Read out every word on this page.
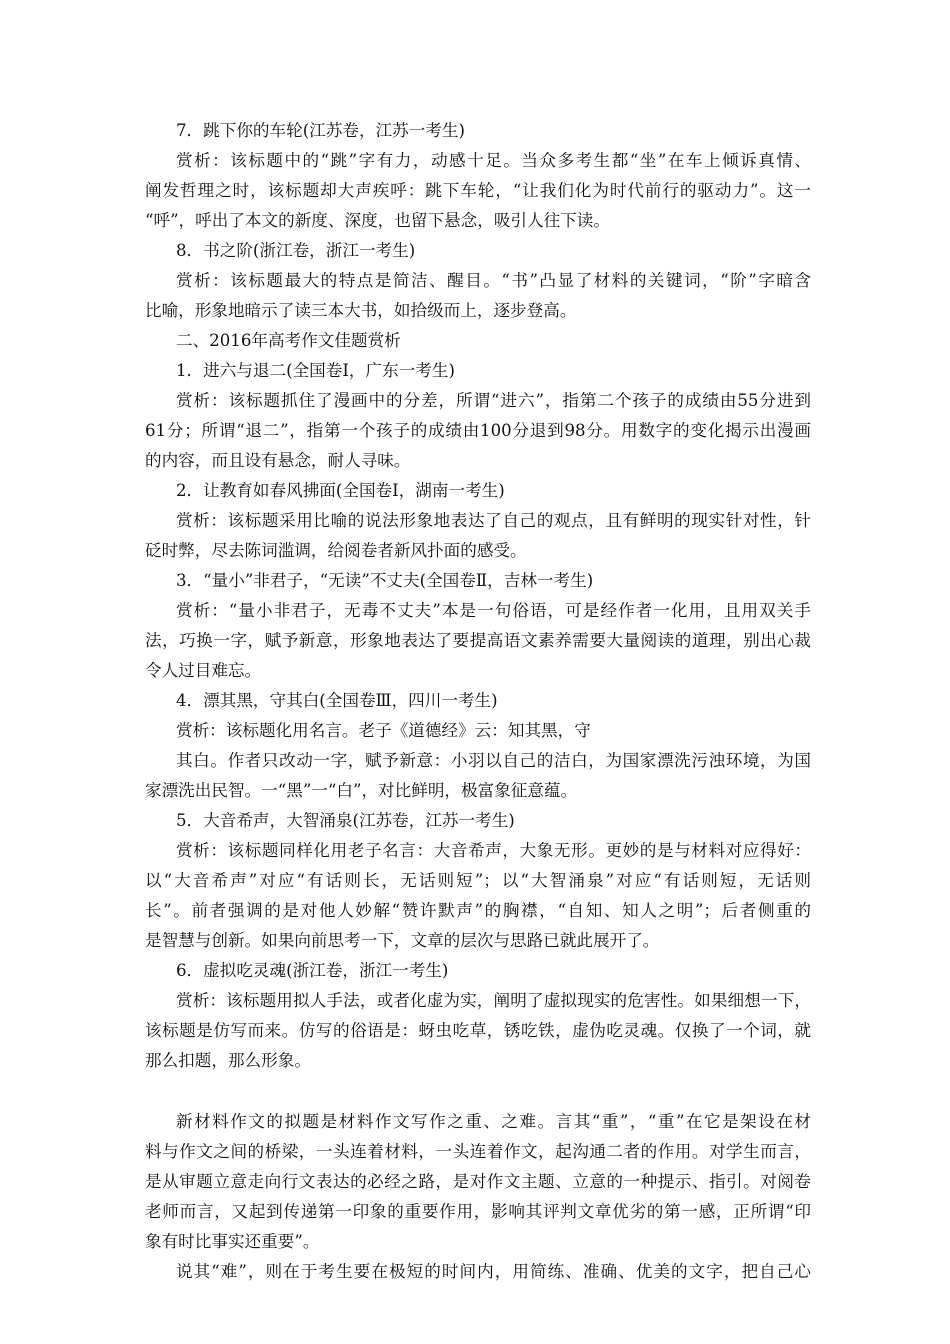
7．跳下你的车轮(江苏卷，江苏一考生)
赏析：该标题中的“跳”字有力，动感十足。当众多考生都“坐”在车上倾诉真情、
阐发哲理之时，该标题却大声疾呼：跳下车轮，“让我们化为时代前行的驱动力”。这一
“呼”，呼出了本文的新度、深度，也留下悬念，吸引人往下读。
8．书之阶(浙江卷，浙江一考生)
赏析：该标题最大的特点是简洁、醒目。“书”凸显了材料的关键词，“阶”字暗含
比喻，形象地暗示了读三本大书，如拾级而上，逐步登高。
二、2016年高考作文佳题赏析
1．进六与退二(全国卷Ⅰ，广东一考生)
赏析：该标题抓住了漫画中的分差，所谓“进六”，指第二个孩子的成绩由55分进到
61分；所谓“退二”，指第一个孩子的成绩由100分退到98分。用数字的变化揭示出漫画
的内容，而且设有悬念，耐人寻味。
2．让教育如春风拂面(全国卷Ⅰ，湖南一考生)
赏析：该标题采用比喻的说法形象地表达了自己的观点，且有鲜明的现实针对性，针
砭时弊，尽去陈词滥调，给阅卷者新风扑面的感受。
3．“量小”非君子，“无读”不丈夫(全国卷Ⅱ，吉林一考生)
赏析：“量小非君子，无毒不丈夫”本是一句俗语，可是经作者一化用，且用双关手
法，巧换一字，赋予新意，形象地表达了要提高语文素养需要大量阅读的道理，别出心裁
令人过目难忘。
4．漂其黑，守其白(全国卷Ⅲ，四川一考生)
赏析：该标题化用名言。老子《道德经》云：知其黑，守
其白。作者只改动一字，赋予新意：小羽以自己的洁白，为国家漂洗污浊环境，为国
家漂洗出民智。一“黑”一“白”，对比鲜明，极富象征意蕴。
5．大音希声，大智涌泉(江苏卷，江苏一考生)
赏析：该标题同样化用老子名言：大音希声，大象无形。更妙的是与材料对应得好：
以“大音希声”对应“有话则长，无话则短”；以“大智涌泉”对应“有话则短，无话则
长”。前者强调的是对他人妙解“赞许默声”的胸襟，“自知、知人之明”；后者侧重的
是智慧与创新。如果向前思考一下，文章的层次与思路已就此展开了。
6．虚拟吃灵魂(浙江卷，浙江一考生)
赏析：该标题用拟人手法，或者化虚为实，阐明了虚拟现实的危害性。如果细想一下，
该标题是仿写而来。仿写的俗语是：蚜虫吃草，锈吃铁，虚伪吃灵魂。仅换了一个词，就
那么扣题，那么形象。
新材料作文的拟题是材料作文写作之重、之难。言其“重”，“重”在它是架设在材
料与作文之间的桥梁，一头连着材料，一头连着作文，起沟通二者的作用。对学生而言，
是从审题立意走向行文表达的必经之路，是对作文主题、立意的一种提示、指引。对阅卷
老师而言，又起到传递第一印象的重要作用，影响其评判文章优劣的第一感，正所谓“印
象有时比事实还重要”。
说其“难”，则在于考生要在极短的时间内，用简练、准确、优美的文字，把自己心
